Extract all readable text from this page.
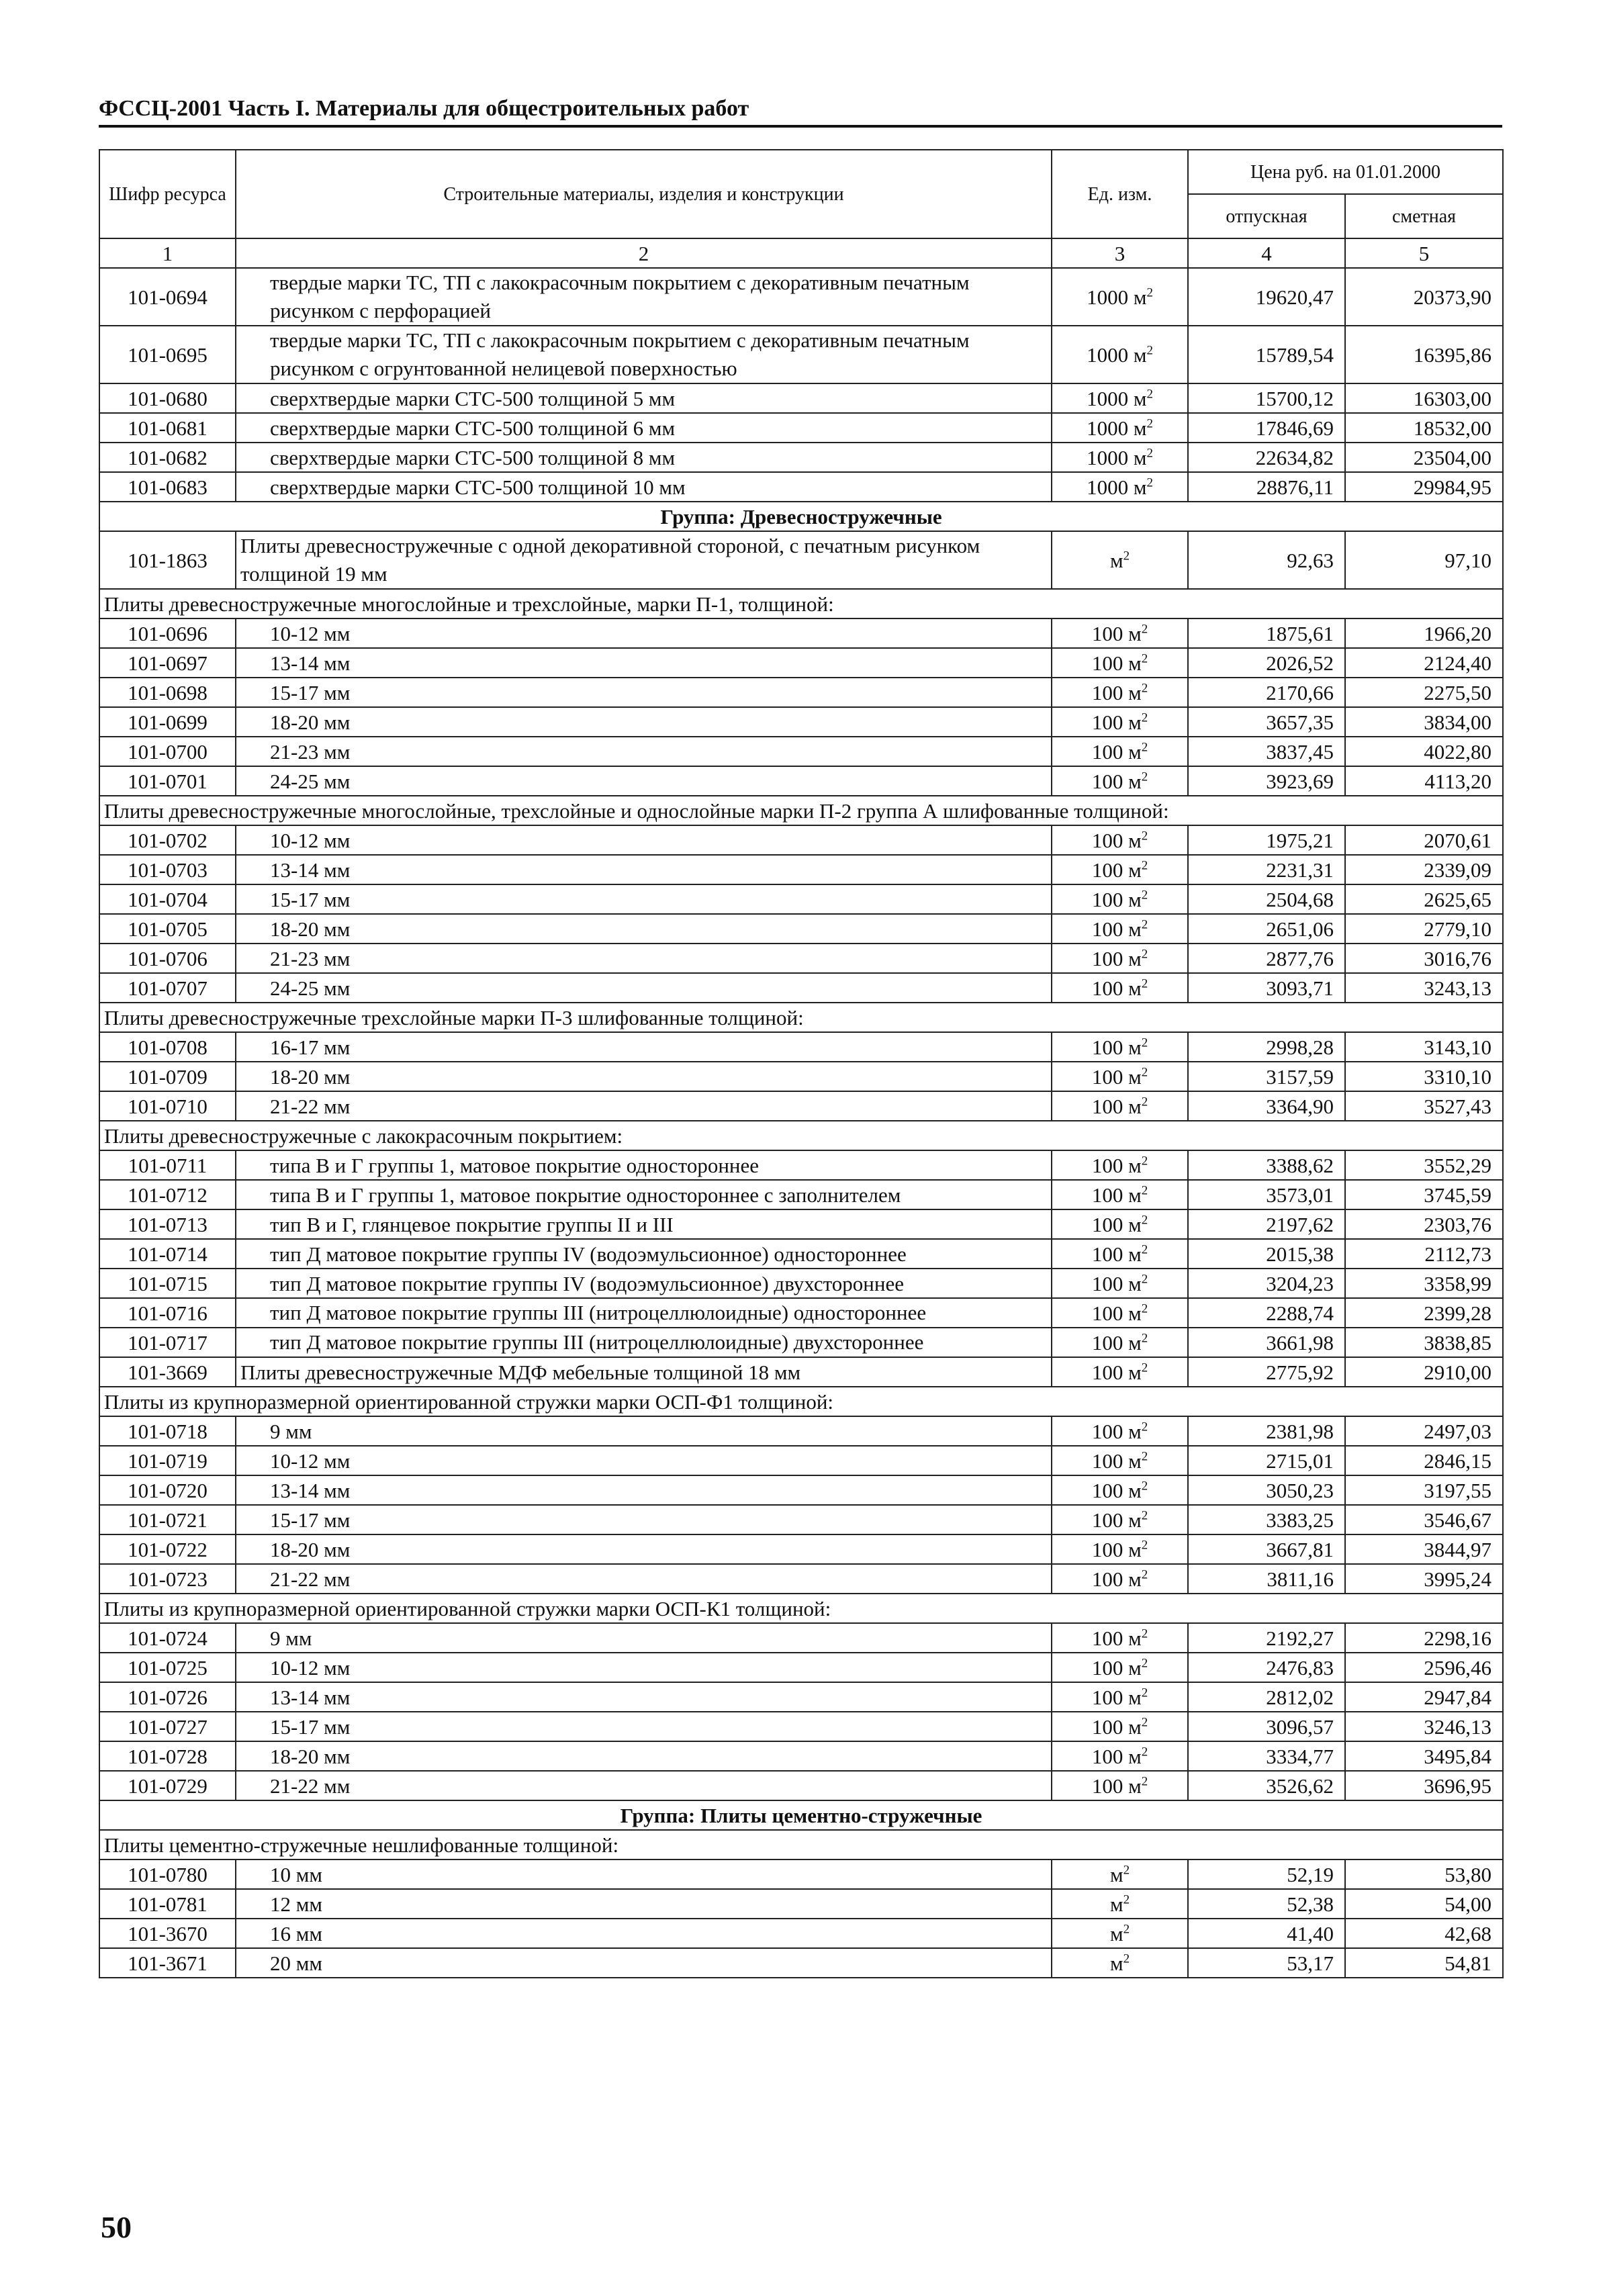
ФССЦ-2001 Часть I. Материалы для общестроительных работ
Шифр ресурса	Строительные материалы, изделия и конструкции	Ед. изм.	Цена руб. на 01.01.2000	
			отпускная	сметная
1	2	3	4	5
101-0694	твердые марки ТС, ТП с лакокрасочным покрытием с декоративным печатным рисунком с перфорацией	1000 $м^2$	19620,47	20373,90
101-0695	твердые марки ТС, ТП с лакокрасочным покрытием с декоративным печатным рисунком с огрунтованной нелицевой поверхностью	1000 $м^2$	15789,54	16395,86
101-0680	сверхтвердые марки СТС-500 толщиной 5 мм	1000 $м^2$	15700,12	16303,00
101-0681	сверхтвердые марки СТС-500 толщиной 6 мм	1000 $м^2$	17846,69	18532,00
101-0682	сверхтвердые марки СТС-500 толщиной 8 мм	1000 $м^2$	22634,82	23504,00
101-0683	сверхтвердые марки СТС-500 толщиной 10 мм	1000 $м^2$	28876,11	29984,95
Группа: Древесностружечные				
101-1863	Плиты древесностружечные с одной декоративной стороной, с печатным рисунком толщиной 19 мм	$м^2$	92,63	97,10
Плиты древесностружечные многослойные и трехслойные, марки П-1, толщиной:				
101-0696	10-12 мм	100 $м^2$	1875,61	1966,20
101-0697	13-14 мм	100 $м^2$	2026,52	2124,40
101-0698	15-17 мм	100 $м^2$	2170,66	2275,50
101-0699	18-20 мм	100 $м^2$	3657,35	3834,00
101-0700	21-23 мм	100 $м^2$	3837,45	4022,80
101-0701	24-25 мм	100 $м^2$	3923,69	4113,20
Плиты древесностружечные многослойные, трехслойные и однослойные марки П-2 группа А шлифованные толщиной:				
101-0702	10-12 мм	100 $м^2$	1975,21	2070,61
101-0703	13-14 мм	100 $м^2$	2231,31	2339,09
101-0704	15-17 мм	100 $м^2$	2504,68	2625,65
101-0705	18-20 мм	100 $м^2$	2651,06	2779,10
101-0706	21-23 мм	100 $м^2$	2877,76	3016,76
101-0707	24-25 мм	100 $м^2$	3093,71	3243,13
Плиты древесностружечные трехслойные марки П-3 шлифованные толщиной:				
101-0708	16-17 мм	100 $м^2$	2998,28	3143,10
101-0709	18-20 мм	100 $м^2$	3157,59	3310,10
101-0710	21-22 мм	100 $м^2$	3364,90	3527,43
Плиты древесностружечные с лакокрасочным покрытием:				
101-0711	типа В и Г группы 1, матовое покрытие одностороннее	100 $м^2$	3388,62	3552,29
101-0712	типа В и Г группы 1, матовое покрытие одностороннее с заполнителем	100 $м^2$	3573,01	3745,59
101-0713	тип В и Г, глянцевое покрытие группы II и III	100 $м^2$	2197,62	2303,76
101-0714	тип Д матовое покрытие группы IV (водоэмульсионное) одностороннее	100 $м^2$	2015,38	2112,73
101-0715	тип Д матовое покрытие группы IV (водоэмульсионное) двухстороннее	100 $м^2$	3204,23	3358,99
101-0716	тип Д матовое покрытие группы III (нитроцеллюлоидные) одностороннее	100 $м^2$	2288,74	2399,28
101-0717	тип Д матовое покрытие группы III (нитроцеллюлоидные) двухстороннее	100 $м^2$	3661,98	3838,85
101-3669	Плиты древесностружечные МДФ мебельные толщиной 18 мм	100 $м^2$	2775,92	2910,00
Плиты из крупноразмерной ориентированной стружки марки ОСП-Ф1 толщиной:				
101-0718	9 мм	100 $м^2$	2381,98	2497,03
101-0719	10-12 мм	100 $м^2$	2715,01	2846,15
101-0720	13-14 мм	100 $м^2$	3050,23	3197,55
101-0721	15-17 мм	100 $м^2$	3383,25	3546,67
101-0722	18-20 мм	100 $м^2$	3667,81	3844,97
101-0723	21-22 мм	100 $м^2$	3811,16	3995,24
Плиты из крупноразмерной ориентированной стружки марки ОСП-К1 толщиной:				
101-0724	9 мм	100 $м^2$	2192,27	2298,16
101-0725	10-12 мм	100 $м^2$	2476,83	2596,46
101-0726	13-14 мм	100 $м^2$	2812,02	2947,84
101-0727	15-17 мм	100 $м^2$	3096,57	3246,13
101-0728	18-20 мм	100 $м^2$	3334,77	3495,84
101-0729	21-22 мм	100 $м^2$	3526,62	3696,95
Группа: Плиты цементно-стружечные				
Плиты цементно-стружечные нешлифованные толщиной:				
101-0780	10 мм	$м^2$	52,19	53,80
101-0781	12 мм	$м^2$	52,38	54,00
101-3670	16 мм	$м^2$	41,40	42,68
101-3671	20 мм	$м^2$	53,17	54,81
50
